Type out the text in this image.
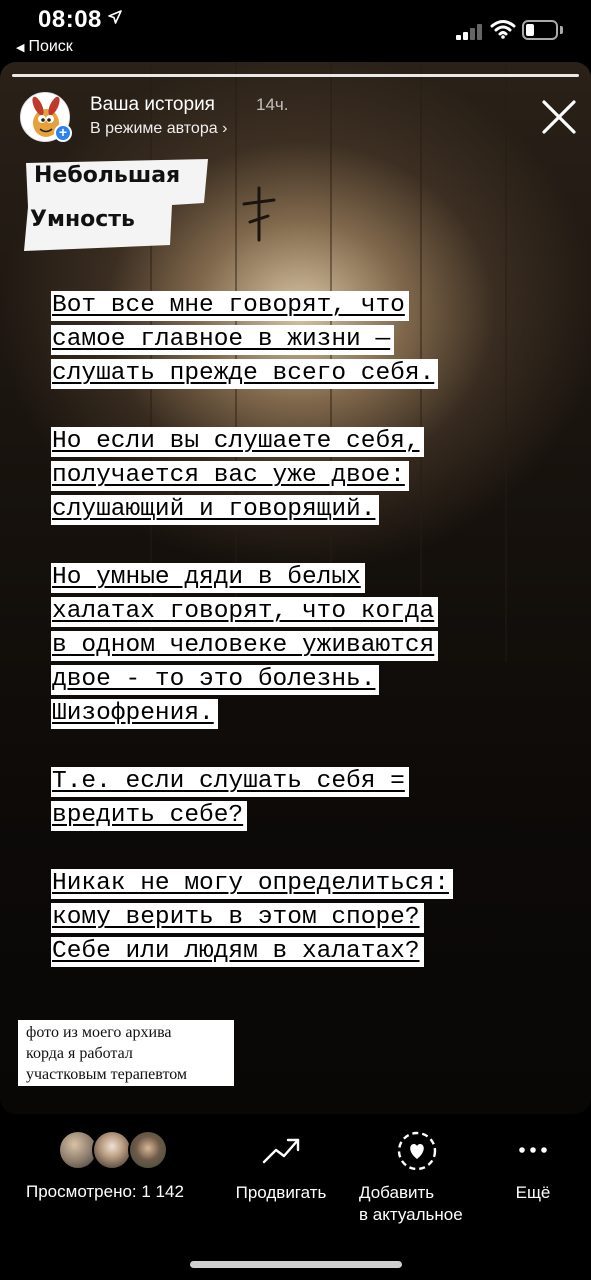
08:08
◀ Поиск
+
Ваша история 14ч.
В режиме автора ›
Небольшая
Умность
Вот все мне говорят, что
самое главное в жизни —
слушать прежде всего себя.
Но если вы слушаете себя,
получается вас уже двое:
слушающий и говорящий.
Но умные дяди в белых
халатах говорят, что когда
в одном человеке уживаются
двое - то это болезнь.
Шизофрения.
Т.е. если слушать себя =
вредить себе?
Никак не могу определиться:
кому верить в этом споре?
Себе или людям в халатах?
фото из моего архива
корда я работал
участковым терапевтом
Просмотрено: 1 142	Продвигать	Добавить
в актуальное
Ещё
